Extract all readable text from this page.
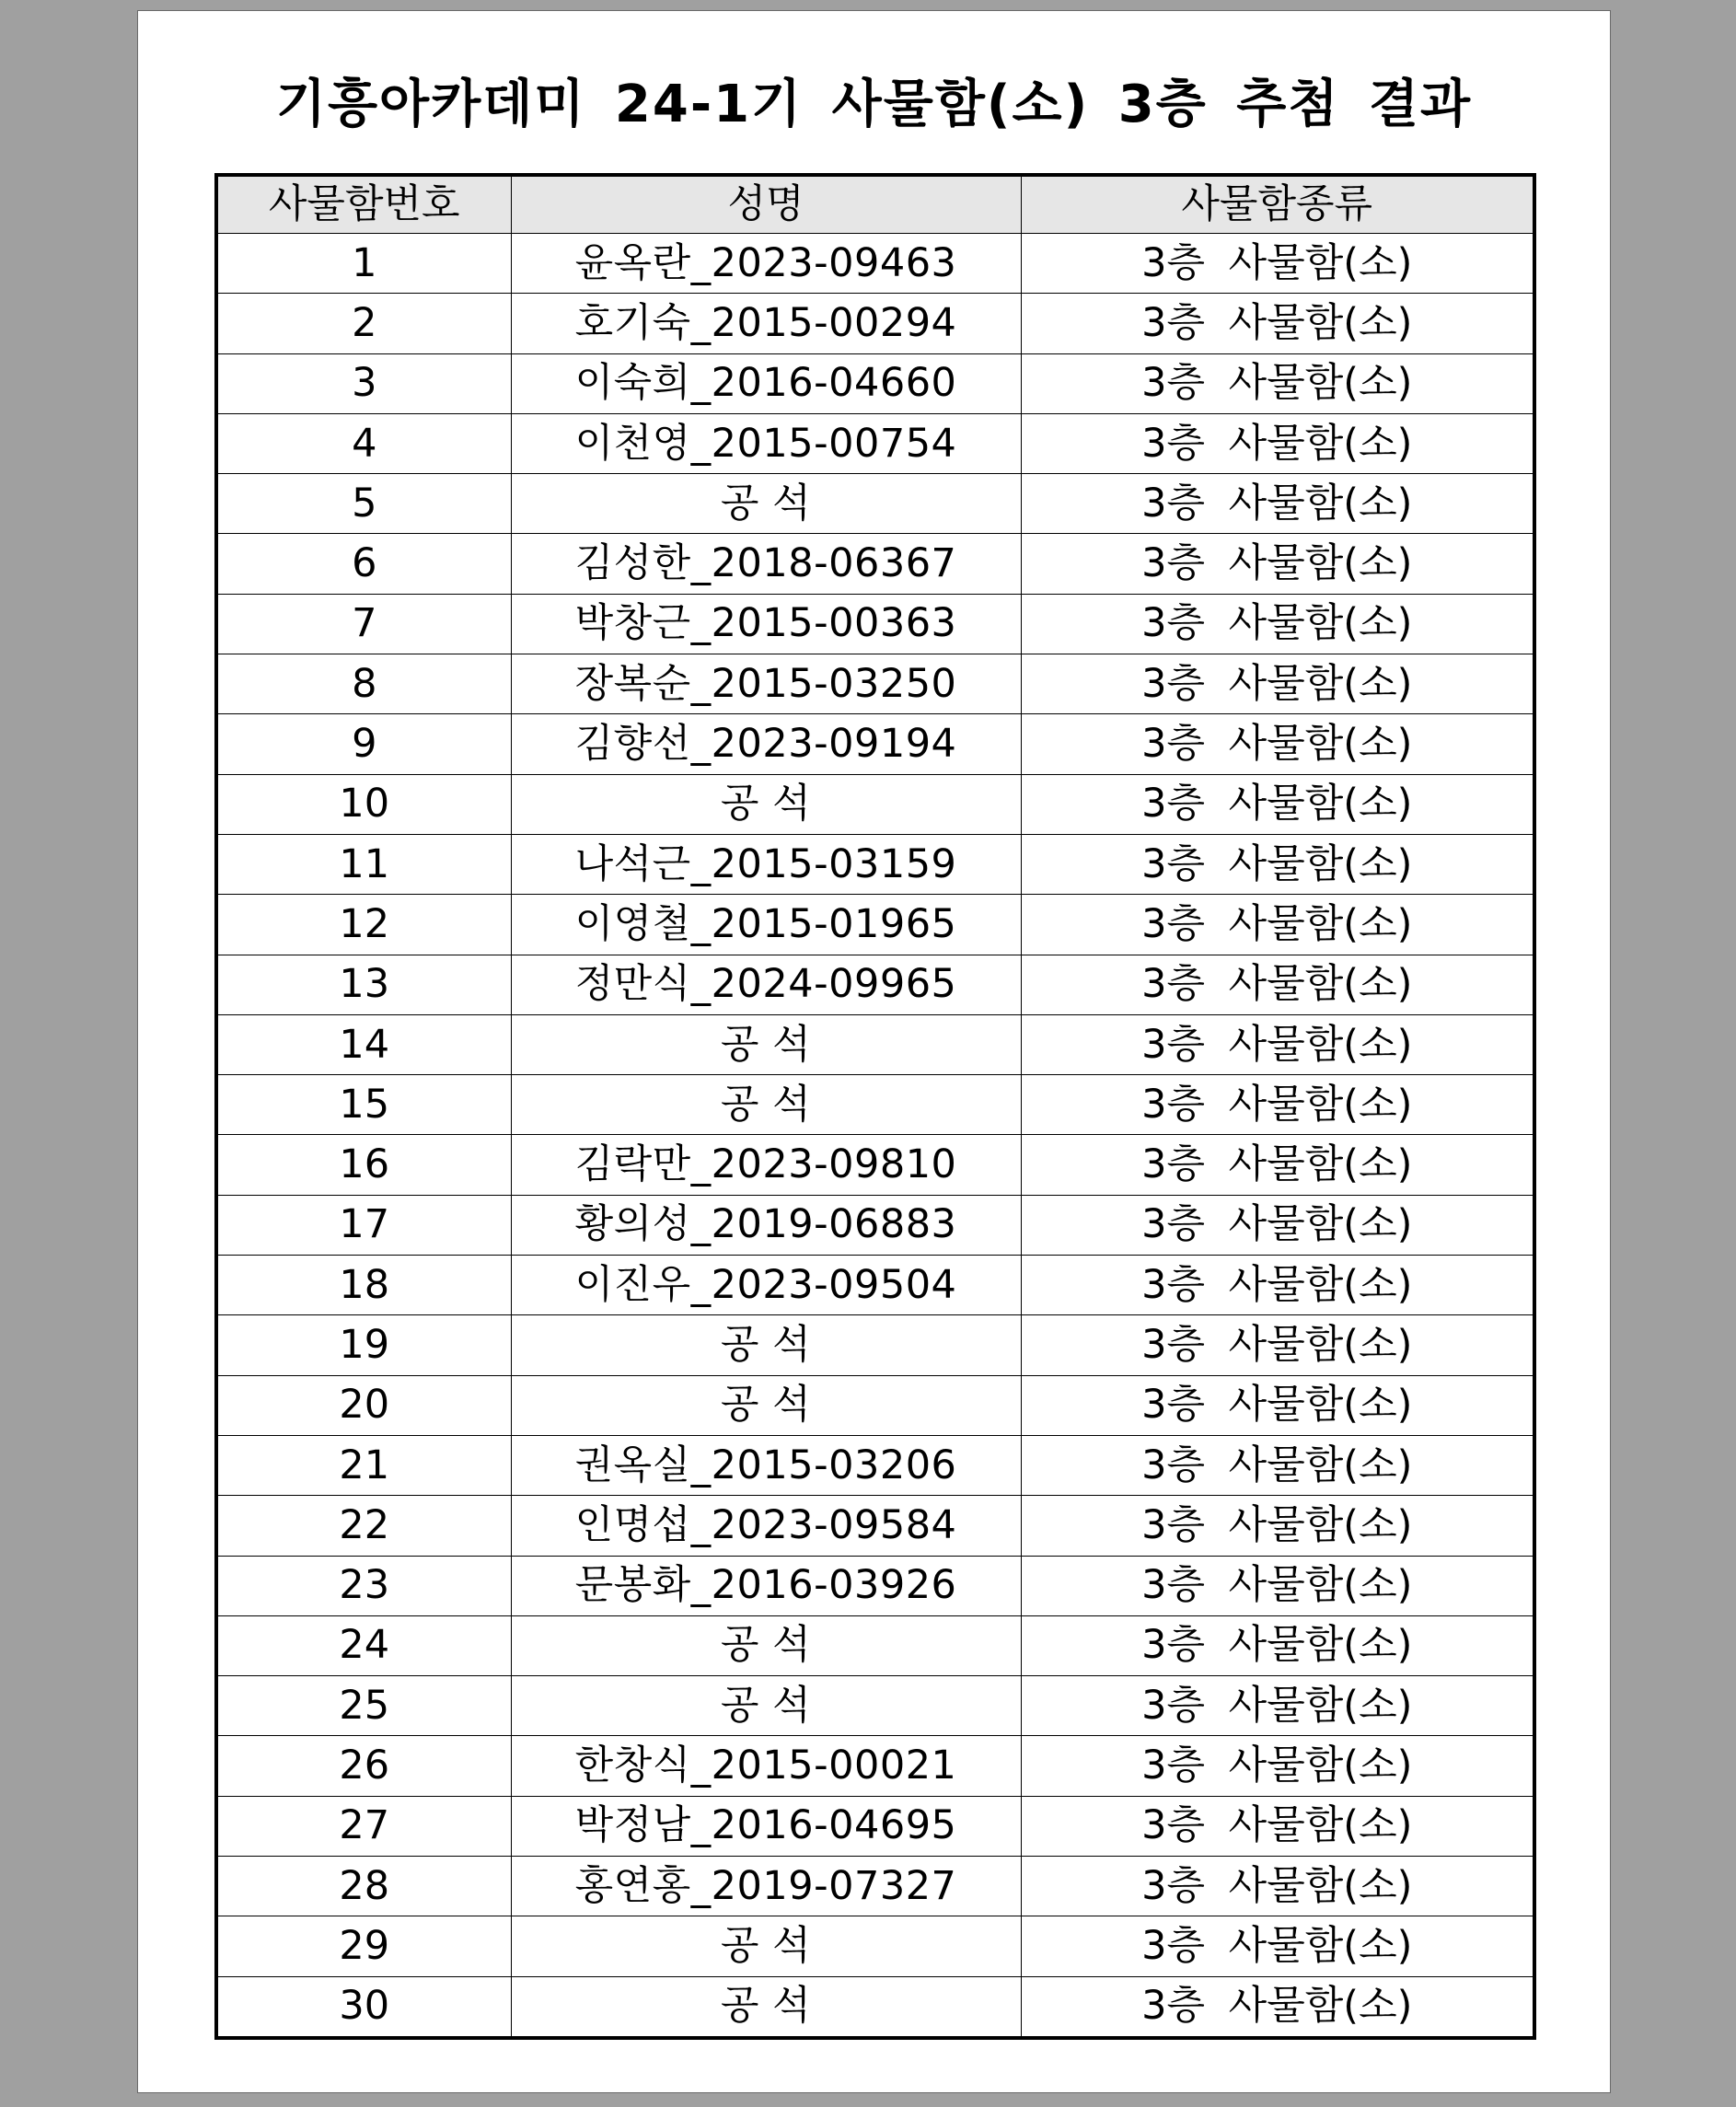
기흥아카데미 24-1기 사물함(소) 3층 추첨 결과
사물함번호	성명	사물함종류
1	윤옥란_2023-09463	3층 사물함(소)
2	호기숙_2015-00294	3층 사물함(소)
3	이숙희_2016-04660	3층 사물함(소)
4	이천영_2015-00754	3층 사물함(소)
5	공 석	3층 사물함(소)
6	김성한_2018-06367	3층 사물함(소)
7	박창근_2015-00363	3층 사물함(소)
8	장복순_2015-03250	3층 사물함(소)
9	김향선_2023-09194	3층 사물함(소)
10	공 석	3층 사물함(소)
11	나석근_2015-03159	3층 사물함(소)
12	이영철_2015-01965	3층 사물함(소)
13	정만식_2024-09965	3층 사물함(소)
14	공 석	3층 사물함(소)
15	공 석	3층 사물함(소)
16	김락만_2023-09810	3층 사물함(소)
17	황의성_2019-06883	3층 사물함(소)
18	이진우_2023-09504	3층 사물함(소)
19	공 석	3층 사물함(소)
20	공 석	3층 사물함(소)
21	권옥실_2015-03206	3층 사물함(소)
22	인명섭_2023-09584	3층 사물함(소)
23	문봉화_2016-03926	3층 사물함(소)
24	공 석	3층 사물함(소)
25	공 석	3층 사물함(소)
26	한창식_2015-00021	3층 사물함(소)
27	박정남_2016-04695	3층 사물함(소)
28	홍연홍_2019-07327	3층 사물함(소)
29	공 석	3층 사물함(소)
30	공 석	3층 사물함(소)
